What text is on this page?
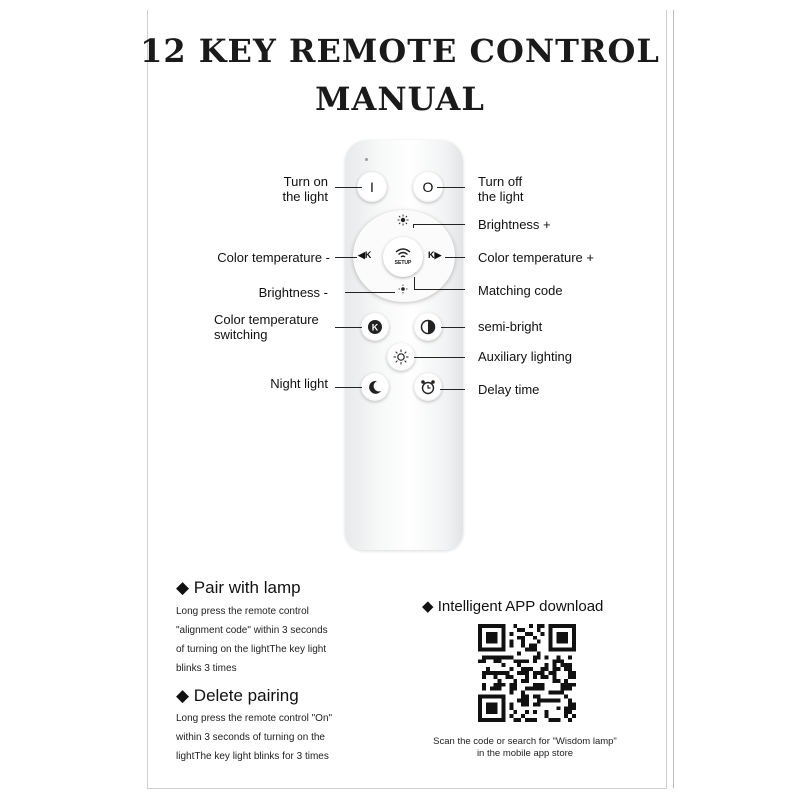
12 KEY REMOTE CONTROL
MANUAL
I	O
◀K	K▶
SETUP
K
Turn on
the light
Turn off
the light
Brightness +
Color temperature -	Color temperature +
Brightness -	Matching code
Color temperature
switching
semi-bright
Auxiliary lighting
Night light	Delay time
◆ Pair with lamp
Long press the remote control
"alignment code" within 3 seconds
of turning on the lightThe key light
blinks 3 times
◆ Delete pairing
Long press the remote control "On"
within 3 seconds of turning on the
lightThe key light blinks for 3 times
◆ Intelligent APP download
Scan the code or search for "Wisdom lamp"
in the mobile app store
